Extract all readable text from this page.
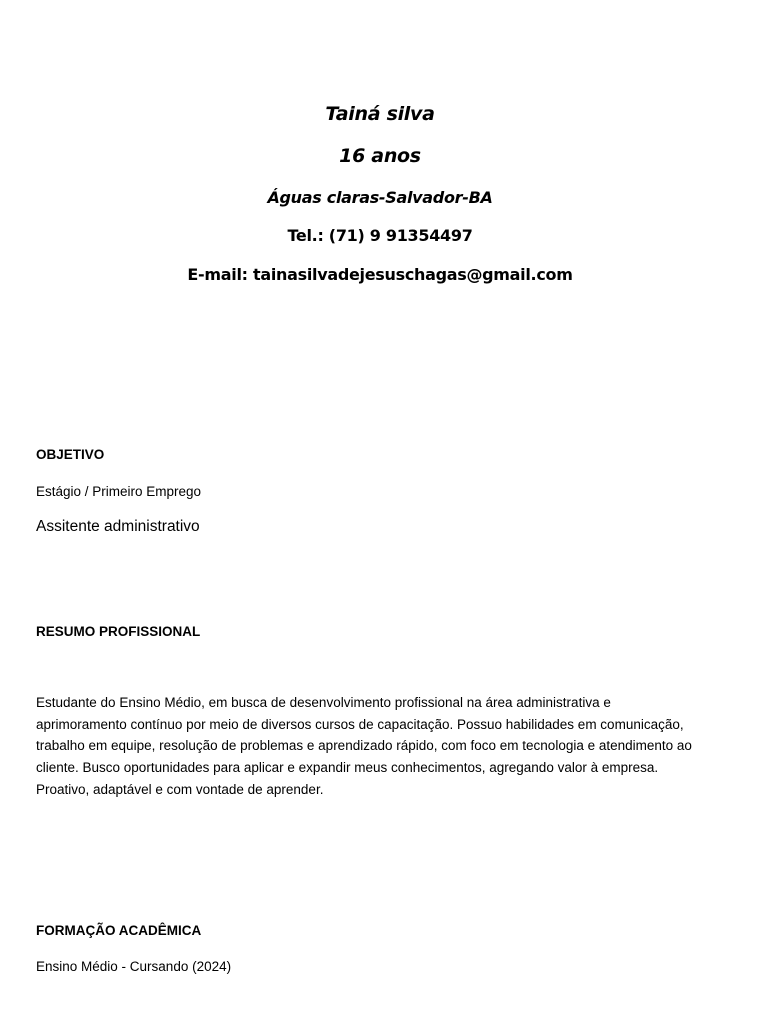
Tainá silva
16 anos
Águas claras-Salvador-BA
Tel.: (71) 9 91354497
E-mail: tainasilvadejesuschagas@gmail.com
OBJETIVO
Estágio / Primeiro Emprego
Assitente administrativo
RESUMO PROFISSIONAL
Estudante do Ensino Médio, em busca de desenvolvimento profissional na área administrativa e
aprimoramento contínuo por meio de diversos cursos de capacitação. Possuo habilidades em comunicação,
trabalho em equipe, resolução de problemas e aprendizado rápido, com foco em tecnologia e atendimento ao
cliente. Busco oportunidades para aplicar e expandir meus conhecimentos, agregando valor à empresa.
Proativo, adaptável e com vontade de aprender.
FORMAÇÃO ACADÊMICA
Ensino Médio - Cursando (2024)
